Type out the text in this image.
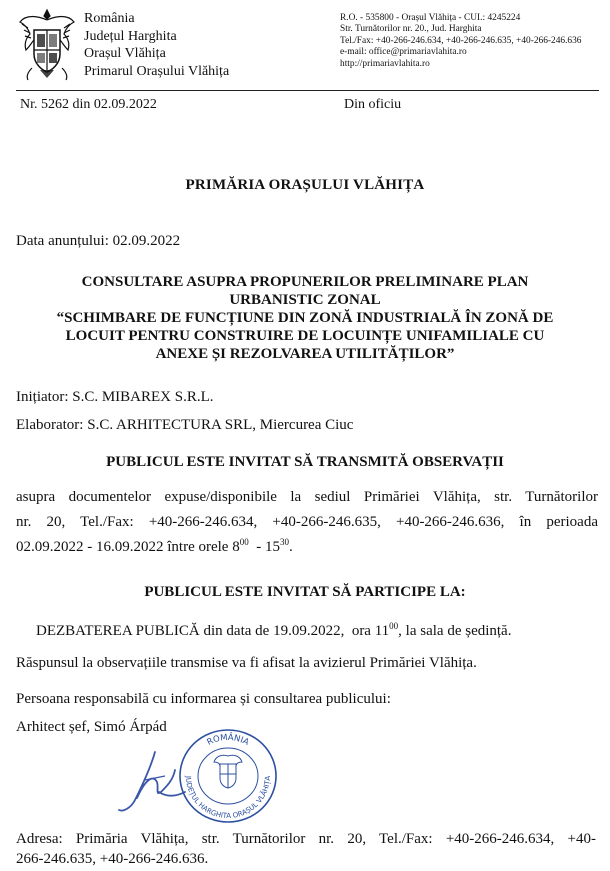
România
Județul Harghita
Orașul Vlăhița
Primarul Orașului Vlăhița
R.O. - 535800 - Orașul Vlăhița - CUI.: 4245224
Str. Turnătorilor nr. 20., Jud. Harghita
Tel./Fax: +40-266-246.634, +40-266-246.635, +40-266-246.636
e-mail: office@primariavlahita.ro
http://primariavlahita.ro
Nr. 5262 din 02.09.2022	Din oficiu
PRIMĂRIA ORAȘULUI VLĂHIȚA
Data anunțului: 02.09.2022
CONSULTARE ASUPRA PROPUNERILOR PRELIMINARE PLAN
URBANISTIC ZONAL
“SCHIMBARE DE FUNCȚIUNE DIN ZONĂ INDUSTRIALĂ ÎN ZONĂ DE
LOCUIT PENTRU CONSTRUIRE DE LOCUINȚE UNIFAMILIALE CU
ANEXE ȘI REZOLVAREA UTILITĂȚILOR”
Inițiator: S.C. MIBAREX S.R.L.
Elaborator: S.C. ARHITECTURA SRL, Miercurea Ciuc
PUBLICUL ESTE INVITAT SĂ TRANSMITĂ OBSERVAȚII
asupra documentelor expuse/disponibile la sediul Primăriei Vlăhița, str. Turnătorilor
nr. 20, Tel./Fax: +40-266-246.634, +40-266-246.635, +40-266-246.636, în perioada
02.09.2022 - 16.09.2022 între orele $8^{00} - 15^{30}$.
PUBLICUL ESTE INVITAT SĂ PARTICIPE LA:
DEZBATEREA PUBLICĂ din data de 19.09.2022,  ora $11^{00}$, la sala de ședință.
Răspunsul la observațiile transmise va fi afisat la avizierul Primăriei Vlăhița.
Persoana responsabilă cu informarea și consultarea publicului:
Arhitect șef, Simó Árpád
ROMÂNIA
JUDEȚUL HARGHITA ORAȘUL VLĂHIȚA
Adresa: Primăria Vlăhița, str. Turnătorilor nr. 20, Tel./Fax: +40-266-246.634, +40-
266-246.635, +40-266-246.636.
